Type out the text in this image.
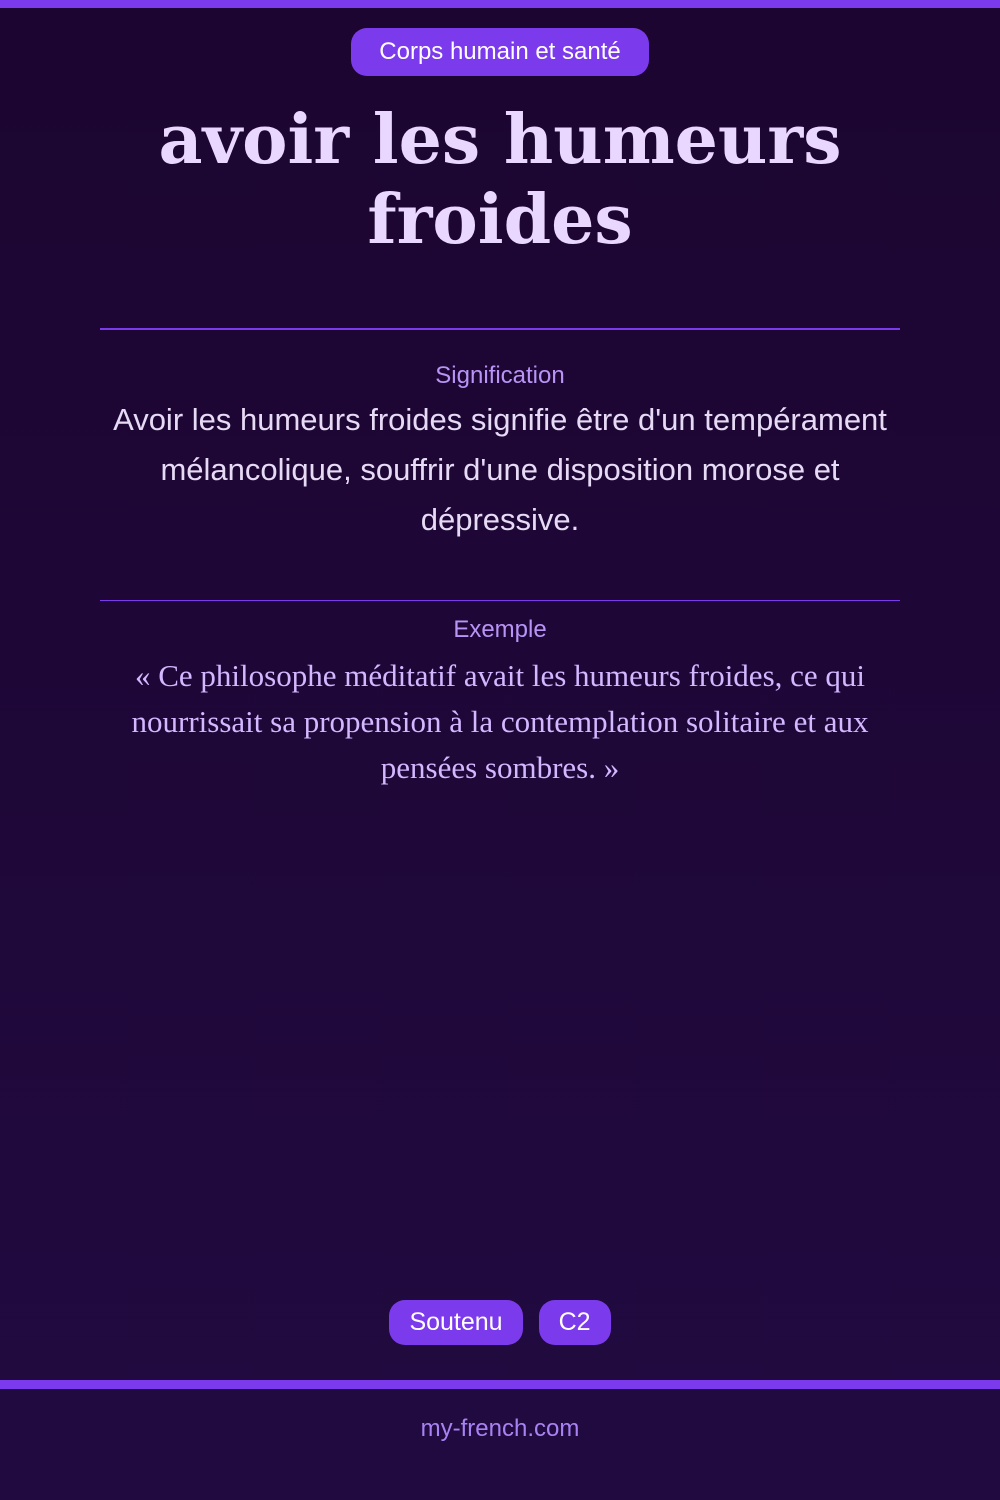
Corps humain et santé
avoir les humeurs froides
Signification

Avoir les humeurs froides signifie être d'un tempérament mélancolique, souffrir d'une disposition morose et dépressive.

Exemple

« Ce philosophe méditatif avait les humeurs froides, ce qui nourrissait sa propension à la contemplation solitaire et aux pensées sombres. »

Soutenu	C2
my-french.com
